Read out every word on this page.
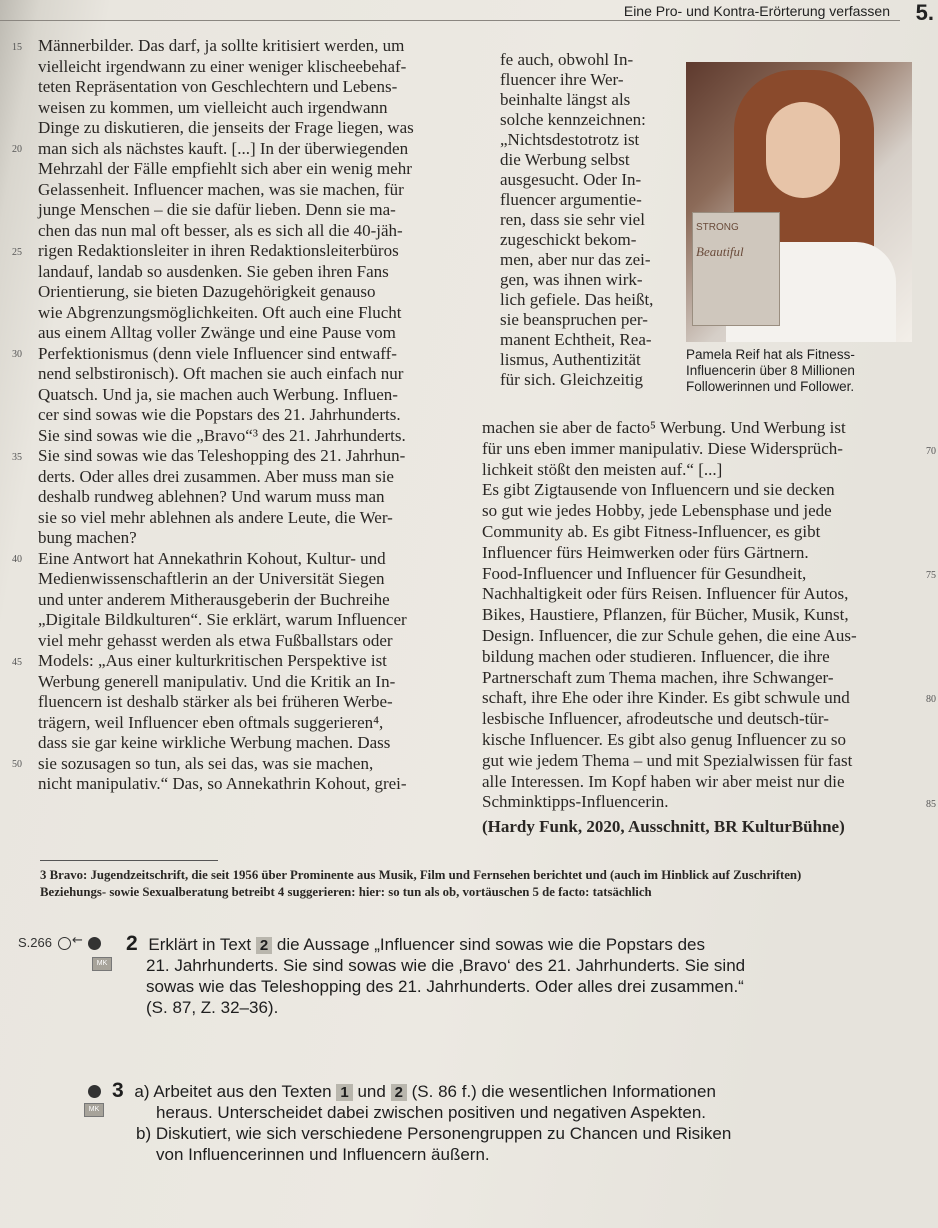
Eine Pro- und Kontra-Erörterung verfassen 5.
15
20
25
30
35
40
45
50

Männerbilder. Das darf, ja sollte kritisiert werden, um

vielleicht irgendwann zu einer weniger klischeebehaf-

teten Repräsentation von Geschlechtern und Lebens-

weisen zu kommen, um vielleicht auch irgendwann

Dinge zu diskutieren, die jenseits der Frage liegen, was

man sich als nächstes kauft. [...] In der überwiegenden

Mehrzahl der Fälle empfiehlt sich aber ein wenig mehr

Gelassenheit. Influencer machen, was sie machen, für

junge Menschen – die sie dafür lieben. Denn sie ma-

chen das nun mal oft besser, als es sich all die 40-jäh-

rigen Redaktionsleiter in ihren Redaktionsleiterbüros

landauf, landab so ausdenken. Sie geben ihren Fans

Orientierung, sie bieten Dazugehörigkeit genauso

wie Abgrenzungsmöglichkeiten. Oft auch eine Flucht

aus einem Alltag voller Zwänge und eine Pause vom

Perfektionismus (denn viele Influencer sind entwaff-

nend selbstironisch). Oft machen sie auch einfach nur

Quatsch. Und ja, sie machen auch Werbung. Influen-

cer sind sowas wie die Popstars des 21. Jahrhunderts.

Sie sind sowas wie die „Bravo“³ des 21. Jahrhunderts.

Sie sind sowas wie das Teleshopping des 21. Jahrhun-

derts. Oder alles drei zusammen. Aber muss man sie

deshalb rundweg ablehnen? Und warum muss man

sie so viel mehr ablehnen als andere Leute, die Wer-

bung machen?

Eine Antwort hat Annekathrin Kohout, Kultur- und

Medienwissenschaftlerin an der Universität Siegen

und unter anderem Mitherausgeberin der Buchreihe

„Digitale Bildkulturen“. Sie erklärt, warum Influencer

viel mehr gehasst werden als etwa Fußballstars oder

Models: „Aus einer kulturkritischen Perspektive ist

Werbung generell manipulativ. Und die Kritik an In-

fluencern ist deshalb stärker als bei früheren Werbe-

trägern, weil Influencer eben oftmals suggerieren⁴,

dass sie gar keine wirkliche Werbung machen. Dass

sie sozusagen so tun, als sei das, was sie machen,

nicht manipulativ.“ Das, so Annekathrin Kohout, grei-

fe auch, obwohl In-
fluencer ihre Wer-
beinhalte längst als
solche kennzeichnen:
„Nichtsdestotrotz ist
die Werbung selbst
ausgesucht. Oder In-
fluencer argumentie-
ren, dass sie sehr viel
zugeschickt bekom-
men, aber nur das zei-
gen, was ihnen wirk-
lich gefiele. Das heißt,
sie beanspruchen per-
manent Echtheit, Rea-
lismus, Authentizität
für sich. Gleichzeitig
STRONG
Beautiful
Pamela Reif hat als Fitness-Influencerin über 8 Millionen Followerinnen und Follower.
70
75
80
85
machen sie aber de facto⁵ Werbung. Und Werbung ist
für uns eben immer manipulativ. Diese Widersprüch-
lichkeit stößt den meisten auf.“ [...]
Es gibt Zigtausende von Influencern und sie decken
so gut wie jedes Hobby, jede Lebensphase und jede
Community ab. Es gibt Fitness-Influencer, es gibt
Influencer fürs Heimwerken oder fürs Gärtnern.
Food-Influencer und Influencer für Gesundheit,
Nachhaltigkeit oder fürs Reisen. Influencer für Autos,
Bikes, Haustiere, Pflanzen, für Bücher, Musik, Kunst,
Design. Influencer, die zur Schule gehen, die eine Aus-
bildung machen oder studieren. Influencer, die ihre
Partnerschaft zum Thema machen, ihre Schwanger-
schaft, ihre Ehe oder ihre Kinder. Es gibt schwule und
lesbische Influencer, afrodeutsche und deutsch-tür-
kische Influencer. Es gibt also genug Influencer zu so
gut wie jedem Thema – und mit Spezialwissen für fast
alle Interessen. Im Kopf haben wir aber meist nur die
Schminktipps-Influencerin.
(Hardy Funk, 2020, Ausschnitt, BR KulturBühne)
3 Bravo: Jugendzeitschrift, die seit 1956 über Prominente aus Musik, Film und Fernsehen berichtet und (auch im Hinblick auf Zuschriften)
Beziehungs- sowie Sexualberatung betreibt 4 suggerieren: hier: so tun als ob, vortäuschen 5 de facto: tatsächlich
S.266 ←
MK
2 Erklärt in Text 2 die Aussage „Influencer sind sowas wie die Popstars des
21. Jahrhunderts. Sie sind sowas wie die ‚Bravo‘ des 21. Jahrhunderts. Sie sind
sowas wie das Teleshopping des 21. Jahrhunderts. Oder alles drei zusammen.“
(S. 87, Z. 32–36).
MK
3 a) Arbeitet aus den Texten 1 und 2 (S. 86 f.) die wesentlichen Informationen
heraus. Unterscheidet dabei zwischen positiven und negativen Aspekten.
b) Diskutiert, wie sich verschiedene Personengruppen zu Chancen und Risiken
von Influencerinnen und Influencern äußern.
